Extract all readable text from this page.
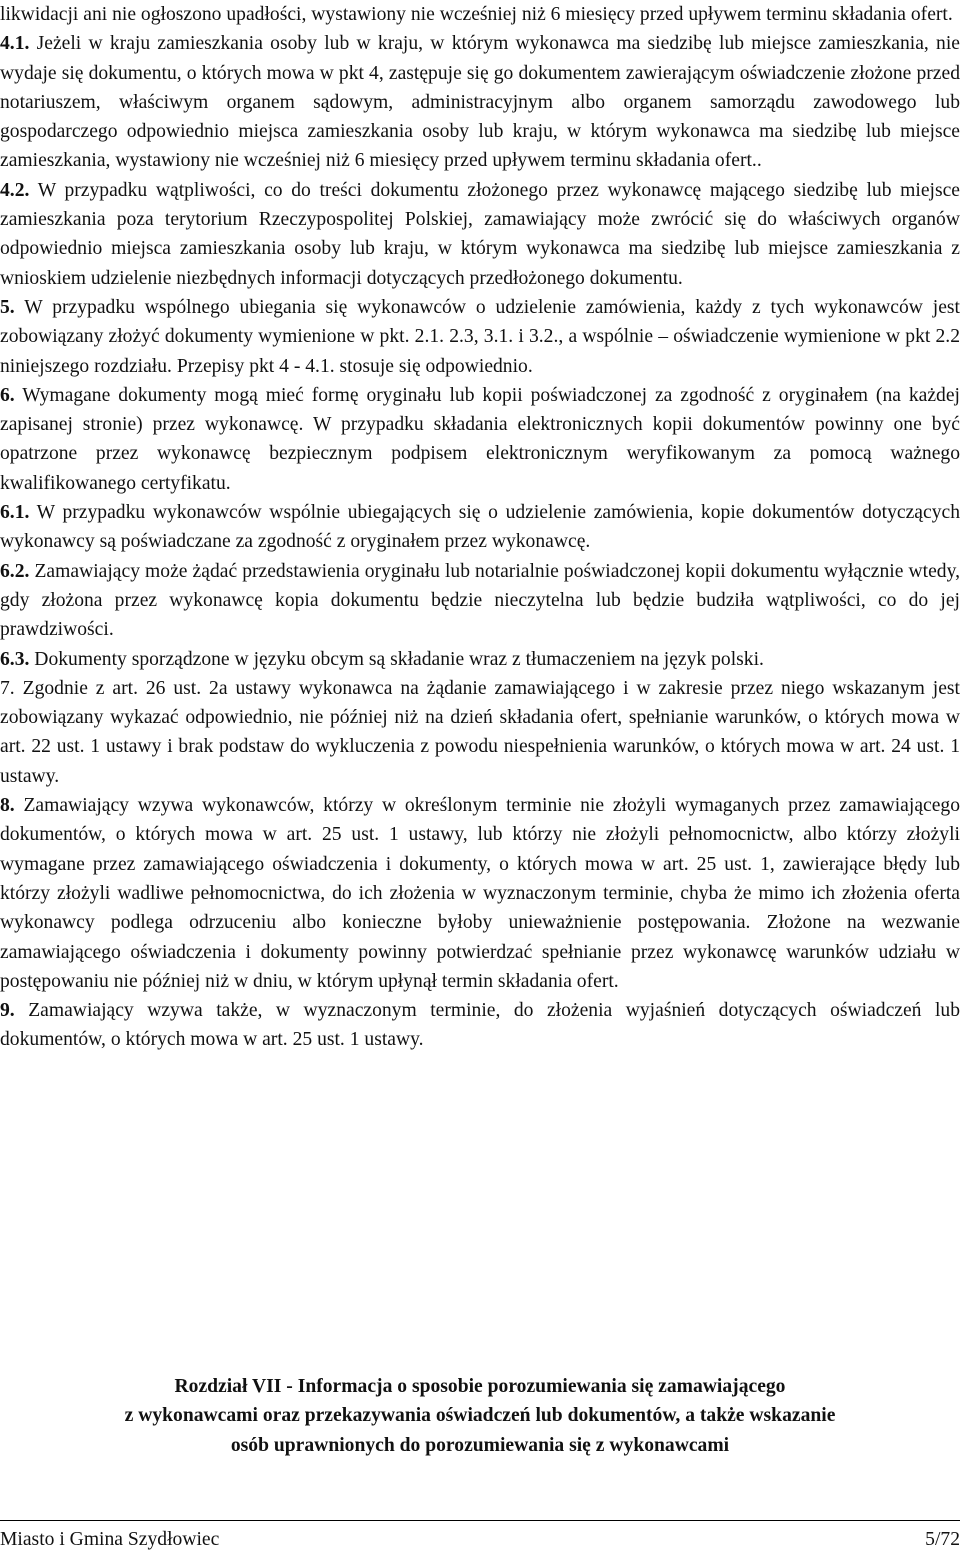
likwidacji ani nie ogłoszono upadłości, wystawiony nie wcześniej niż 6 miesięcy przed upływem terminu składania ofert.

4.1. Jeżeli w kraju zamieszkania osoby lub w kraju, w którym wykonawca ma siedzibę lub miejsce zamieszkania, nie wydaje się dokumentu, o których mowa w pkt 4, zastępuje się go dokumentem zawierającym oświadczenie złożone przed notariuszem, właściwym organem sądowym, administracyjnym albo organem samorządu zawodowego lub gospodarczego odpowiednio miejsca zamieszkania osoby lub kraju, w którym wykonawca ma siedzibę lub miejsce zamieszkania, wystawiony nie wcześniej niż 6 miesięcy przed upływem terminu składania ofert..

4.2. W przypadku wątpliwości, co do treści dokumentu złożonego przez wykonawcę mającego siedzibę lub miejsce zamieszkania poza terytorium Rzeczypospolitej Polskiej, zamawiający może zwrócić się do właściwych organów odpowiednio miejsca zamieszkania osoby lub kraju, w którym wykonawca ma siedzibę lub miejsce zamieszkania z wnioskiem udzielenie niezbędnych informacji dotyczących przedłożonego dokumentu.

5. W przypadku wspólnego ubiegania się wykonawców o udzielenie zamówienia, każdy z tych wykonawców jest zobowiązany złożyć dokumenty wymienione w pkt. 2.1. 2.3, 3.1. i 3.2., a wspólnie – oświadczenie wymienione w pkt 2.2 niniejszego rozdziału. Przepisy pkt 4 - 4.1. stosuje się odpowiednio.

6. Wymagane dokumenty mogą mieć formę oryginału lub kopii poświadczonej za zgodność z oryginałem (na każdej zapisanej stronie) przez wykonawcę. W przypadku składania elektronicznych kopii dokumentów powinny one być opatrzone przez wykonawcę bezpiecznym podpisem elektronicznym weryfikowanym za pomocą ważnego kwalifikowanego certyfikatu.

6.1. W przypadku wykonawców wspólnie ubiegających się o udzielenie zamówienia, kopie dokumentów dotyczących wykonawcy są poświadczane za zgodność z oryginałem przez wykonawcę.

6.2. Zamawiający może żądać przedstawienia oryginału lub notarialnie poświadczonej kopii dokumentu wyłącznie wtedy, gdy złożona przez wykonawcę kopia dokumentu będzie nieczytelna lub będzie budziła wątpliwości, co do jej prawdziwości.

6.3. Dokumenty sporządzone w języku obcym są składanie wraz z tłumaczeniem na język polski.

7. Zgodnie z art. 26 ust. 2a ustawy wykonawca na żądanie zamawiającego i w zakresie przez niego wskazanym jest zobowiązany wykazać odpowiednio, nie później niż na dzień składania ofert, spełnianie warunków, o których mowa w art. 22 ust. 1 ustawy i brak podstaw do wykluczenia z powodu niespełnienia warunków, o których mowa w art. 24 ust. 1 ustawy.

8. Zamawiający wzywa wykonawców, którzy w określonym terminie nie złożyli wymaganych przez zamawiającego dokumentów, o których mowa w art. 25 ust. 1 ustawy, lub którzy nie złożyli pełnomocnictw, albo którzy złożyli wymagane przez zamawiającego oświadczenia i dokumenty, o których mowa w art. 25 ust. 1, zawierające błędy lub którzy złożyli wadliwe pełnomocnictwa, do ich złożenia w wyznaczonym terminie, chyba że mimo ich złożenia oferta wykonawcy podlega odrzuceniu albo konieczne byłoby unieważnienie postępowania. Złożone na wezwanie zamawiającego oświadczenia i dokumenty powinny potwierdzać spełnianie przez wykonawcę warunków udziału w postępowaniu nie później niż w dniu, w którym upłynął termin składania ofert.

9. Zamawiający wzywa także, w wyznaczonym terminie, do złożenia wyjaśnień dotyczących oświadczeń lub dokumentów, o których mowa w art. 25 ust. 1 ustawy.

Rozdział VII - Informacja o sposobie porozumiewania się zamawiającego
z wykonawcami oraz przekazywania oświadczeń lub dokumentów, a także wskazanie
osób uprawnionych do porozumiewania się z wykonawcami
Miasto i Gmina Szydłowiec	5/72
